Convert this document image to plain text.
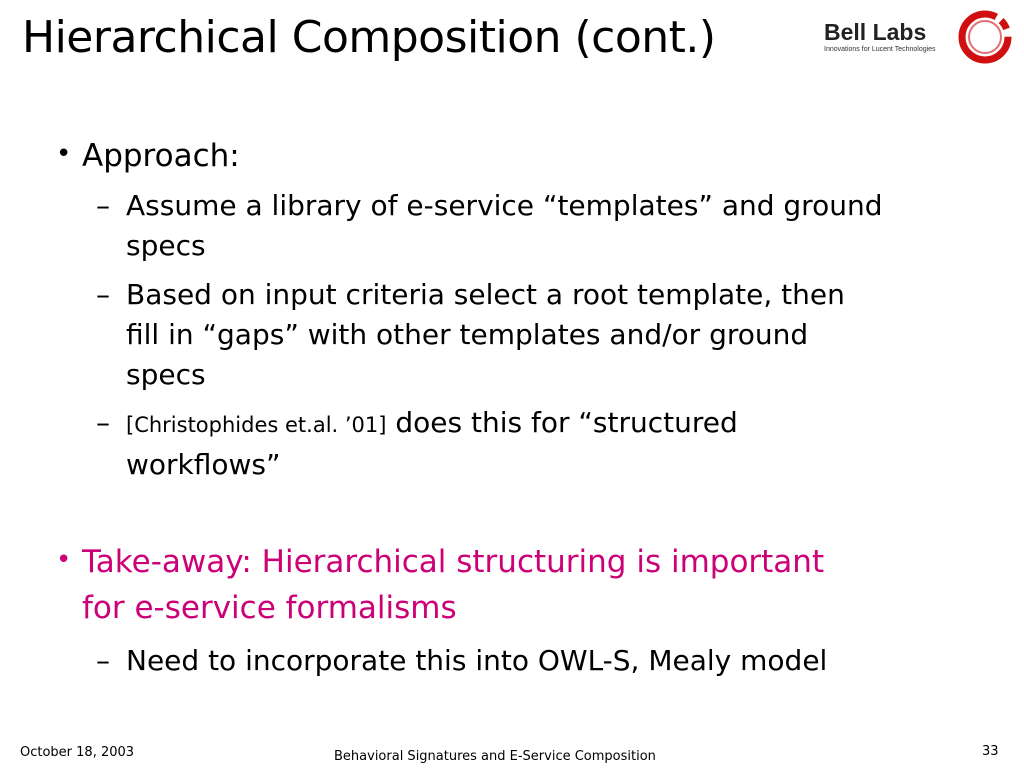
Hierarchical Composition (cont.)	Bell Labs
Innovations for Lucent Technologies
• Approach:
– Assume a library of e-service “templates” and ground
specs
– Based on input criteria select a root template, then
fill in “gaps” with other templates and/or ground
specs
– [Christophides et.al. ’01] does this for “structured
workflows”
• Take-away: Hierarchical structuring is important
for e-service formalisms
– Need to incorporate this into OWL-S, Mealy model
October 18, 2003	Behavioral Signatures and E-Service Composition	33
